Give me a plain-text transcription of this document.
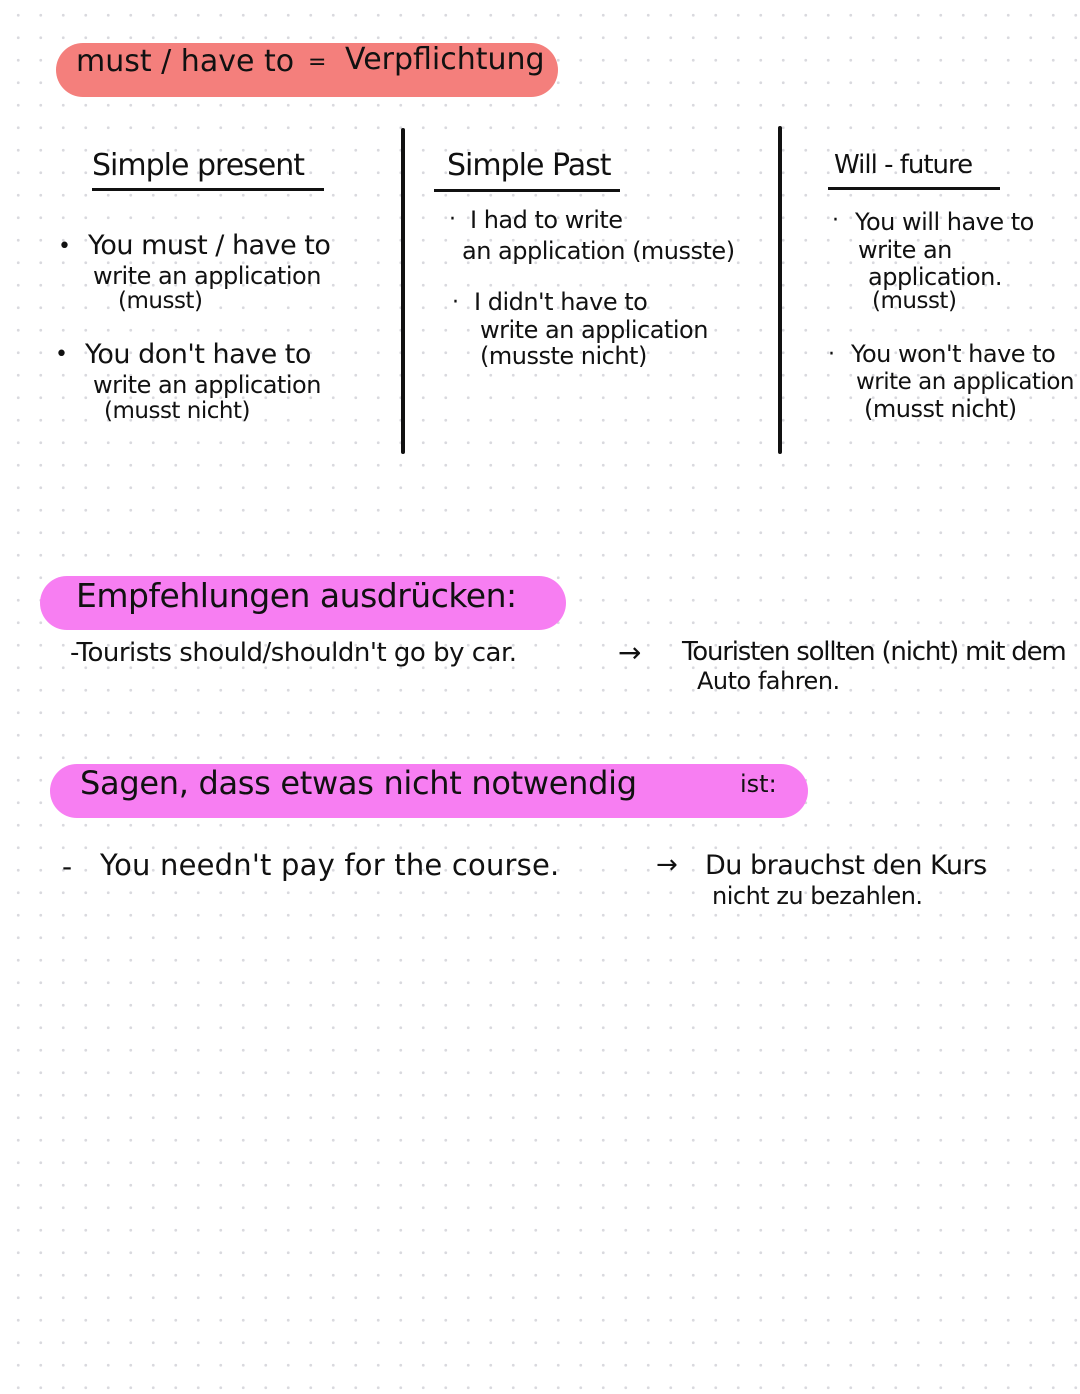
must / have to = Verpflichtung
Simple present
• You must / have to
write an application
(musst)
• You don't have to
write an application
(musst nicht)
Simple Past
· I had to write
an application (musste)
· I didn't have to
write an application
(musste nicht)
Will - future
· You will have to
write an
application.
(musst)
· You won't have to
write an application
(musst nicht)
Empfehlungen ausdrücken:
-Tourists should/shouldn't go by car.	→ Touristen sollten (nicht) mit dem
Auto fahren.
Sagen, dass etwas nicht notwendig	ist:
- You needn't pay for the course.	→ Du brauchst den Kurs
nicht zu bezahlen.
